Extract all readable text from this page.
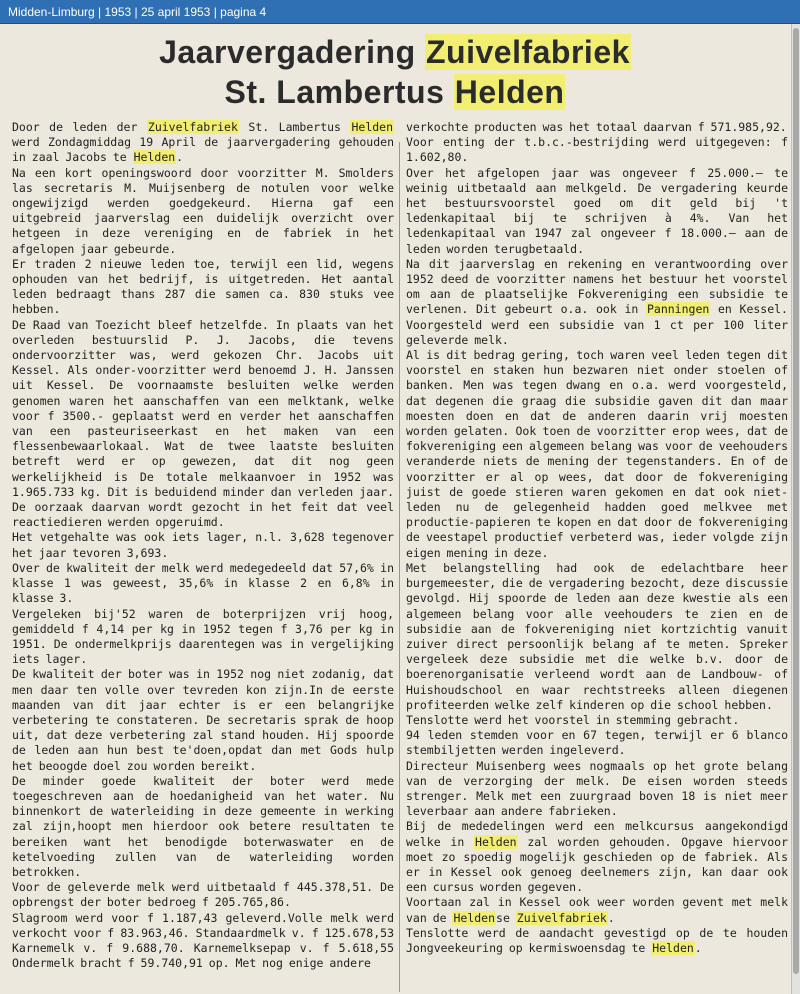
Midden-Limburg | 1953 | 25 april 1953 | pagina 4
Jaarvergadering Zuivelfabriek
St. Lambertus Helden

Door de leden der Zuivelfabriek St. Lambertus Helden werd Zondagmiddag 19 April de jaarvergadering gehouden in zaal Jacobs te Helden.

Na een kort openingswoord door voorzitter M. Smolders las secretaris M. Muijsenberg de notulen voor welke ongewijzigd werden goedgekeurd. Hierna gaf een uitgebreid jaarverslag een duidelijk overzicht over hetgeen in deze vereniging en de fabriek in het afgelopen jaar gebeurde.

Er traden 2 nieuwe leden toe, terwijl een lid, wegens ophouden van het bedrijf, is uitgetreden. Het aantal leden bedraagt thans 287 die samen ca. 830 stuks vee hebben.

De Raad van Toezicht bleef hetzelfde. In plaats van het overleden bestuurslid P. J. Jacobs, die tevens ondervoorzitter was, werd gekozen Chr. Jacobs uit Kessel. Als onder-voorzitter werd benoemd J. H. Janssen uit Kessel. De voornaamste besluiten welke werden genomen waren het aanschaffen van een melktank, welke voor f 3500.- geplaatst werd en verder het aanschaffen van een pasteuriseerkast en het maken van een flessenbewaarlokaal. Wat de twee laatste besluiten betreft werd er op gewezen, dat dit nog geen werkelijkheid is De totale melkaanvoer in 1952 was 1.965.733 kg. Dit is beduidend minder dan verleden jaar. De oorzaak daarvan wordt gezocht in het feit dat veel reactiedieren werden opgeruimd.

Het vetgehalte was ook iets lager, n.l. 3,628 tegenover het jaar tevoren 3,693.

Over de kwaliteit der melk werd medegedeeld dat 57,6% in klasse 1 was geweest, 35,6% in klasse 2 en 6,8% in klasse 3.

Vergeleken bij'52 waren de boterprijzen vrij hoog, gemiddeld f 4,14 per kg in 1952 tegen f 3,76 per kg in 1951. De ondermelkprijs daarentegen was in vergelijking iets lager.

De kwaliteit der boter was in 1952 nog niet zodanig, dat men daar ten volle over tevreden kon zijn.In de eerste maanden van dit jaar echter is er een belangrijke verbetering te constateren. De secretaris sprak de hoop uit, dat deze verbetering zal stand houden. Hij spoorde de leden aan hun best te'doen,opdat dan met Gods hulp het beoogde doel zou worden bereikt.

De minder goede kwaliteit der boter werd mede toegeschreven aan de hoedanigheid van het water. Nu binnenkort de waterleiding in deze gemeente in werking zal zijn,hoopt men hierdoor ook betere resultaten te bereiken want het benodigde boterwaswater en de ketelvoeding zullen van de waterleiding worden betrokken.

Voor de geleverde melk werd uitbetaald f 445.378,51. De opbrengst der boter bedroeg f 205.765,86.

Slagroom werd voor f 1.187,43 geleverd.Volle melk werd verkocht voor f 83.963,46. Standaardmelk v. f 125.678,53 Karnemelk v. f 9.688,70. Karnemelksepap v. f 5.618,55 Ondermelk bracht f 59.740,91 op. Met nog enige andere

verkochte producten was het totaal daarvan f 571.985,92.

Voor enting der t.b.c.-bestrijding werd uitgegeven: f 1.602,80.

Over het afgelopen jaar was ongeveer f 25.000.— te weinig uitbetaald aan melkgeld. De vergadering keurde het bestuursvoorstel goed om dit geld bij 't ledenkapitaal bij te schrijven à 4%. Van het ledenkapitaal van 1947 zal ongeveer f 18.000.— aan de leden worden terugbetaald.

Na dit jaarverslag en rekening en verantwoording over 1952 deed de voorzitter namens het bestuur het voorstel om aan de plaatselijke Fokvereniging een subsidie te verlenen. Dit gebeurt o.a. ook in Panningen en Kessel. Voorgesteld werd een subsidie van 1 ct per 100 liter geleverde melk.

Al is dit bedrag gering, toch waren veel leden tegen dit voorstel en staken hun bezwaren niet onder stoelen of banken. Men was tegen dwang en o.a. werd voorgesteld, dat degenen die graag die subsidie gaven dit dan maar moesten doen en dat de anderen daarin vrij moesten worden gelaten. Ook toen de voorzitter erop wees, dat de fokvereniging een algemeen belang was voor de veehouders veranderde niets de mening der tegenstanders. En of de voorzitter er al op wees, dat door de fokvereniging juist de goede stieren waren gekomen en dat ook niet-leden nu de gelegenheid hadden goed melkvee met productie-papieren te kopen en dat door de fokvereniging de veestapel productief verbeterd was, ieder volgde zijn eigen mening in deze.

Met belangstelling had ook de edelachtbare heer burgemeester, die de vergadering bezocht, deze discussie gevolgd. Hij spoorde de leden aan deze kwestie als een algemeen belang voor alle veehouders te zien en de subsidie aan de fokvereniging niet kortzichtig vanuit zuiver direct persoonlijk belang af te meten. Spreker vergeleek deze subsidie met die welke b.v. door de boerenorganisatie verleend wordt aan de Landbouw- of Huishoudschool en waar rechtstreeks alleen diegenen profiteerden welke zelf kinderen op die school hebben.

Tenslotte werd het voorstel in stemming gebracht.

94 leden stemden voor en 67 tegen, terwijl er 6 blanco stembiljetten werden ingeleverd.

Directeur Muisenberg wees nogmaals op het grote belang van de verzorging der melk. De eisen worden steeds strenger. Melk met een zuurgraad boven 18 is niet meer leverbaar aan andere fabrieken.

Bij de mededelingen werd een melkcursus aangekondigd welke in Helden zal worden gehouden. Opgave hiervoor moet zo spoedig mogelijk geschieden op de fabriek. Als er in Kessel ook genoeg deelnemers zijn, kan daar ook een cursus worden gegeven.

Voortaan zal in Kessel ook weer worden gevent met melk van de Heldense Zuivelfabriek.

Tenslotte werd de aandacht gevestigd op de te houden Jongveekeuring op kermiswoensdag te Helden.
